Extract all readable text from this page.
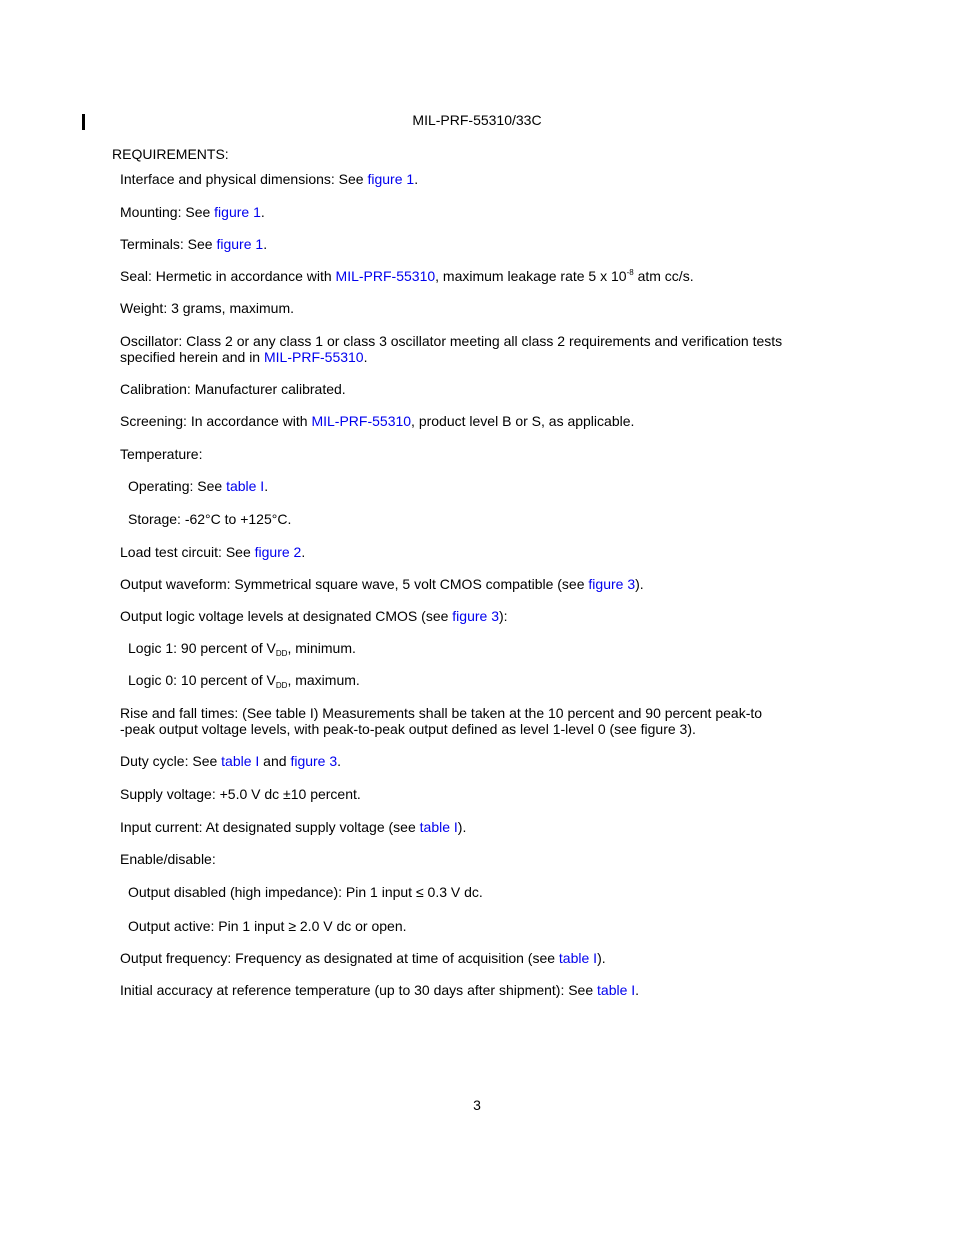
MIL-PRF-55310/33C
REQUIREMENTS:
Interface and physical dimensions: See figure 1.
Mounting: See figure 1.
Terminals: See figure 1.
Seal: Hermetic in accordance with MIL-PRF-55310, maximum leakage rate 5 x $10^{-8}$ atm cc/s.
Weight: 3 grams, maximum.
Oscillator: Class 2 or any class 1 or class 3 oscillator meeting all class 2 requirements and verification tests
specified herein and in MIL-PRF-55310.
Calibration: Manufacturer calibrated.
Screening: In accordance with MIL-PRF-55310, product level B or S, as applicable.
Temperature:
Operating: See table I.
Storage: -62°C to +125°C.
Load test circuit: See figure 2.
Output waveform: Symmetrical square wave, 5 volt CMOS compatible (see figure 3).
Output logic voltage levels at designated CMOS (see figure 3):
Logic 1: 90 percent of $V_{DD}$, minimum.
Logic 0: 10 percent of $V_{DD}$, maximum.
Rise and fall times: (See table I) Measurements shall be taken at the 10 percent and 90 percent peak-to
-peak output voltage levels, with peak-to-peak output defined as level 1-level 0 (see figure 3).
Duty cycle: See table I and figure 3.
Supply voltage: +5.0 V dc ±10 percent.
Input current: At designated supply voltage (see table I).
Enable/disable:
Output disabled (high impedance): Pin 1 input ≤ 0.3 V dc.
Output active: Pin 1 input ≥ 2.0 V dc or open.
Output frequency: Frequency as designated at time of acquisition (see table I).
Initial accuracy at reference temperature (up to 30 days after shipment): See table I.
3
